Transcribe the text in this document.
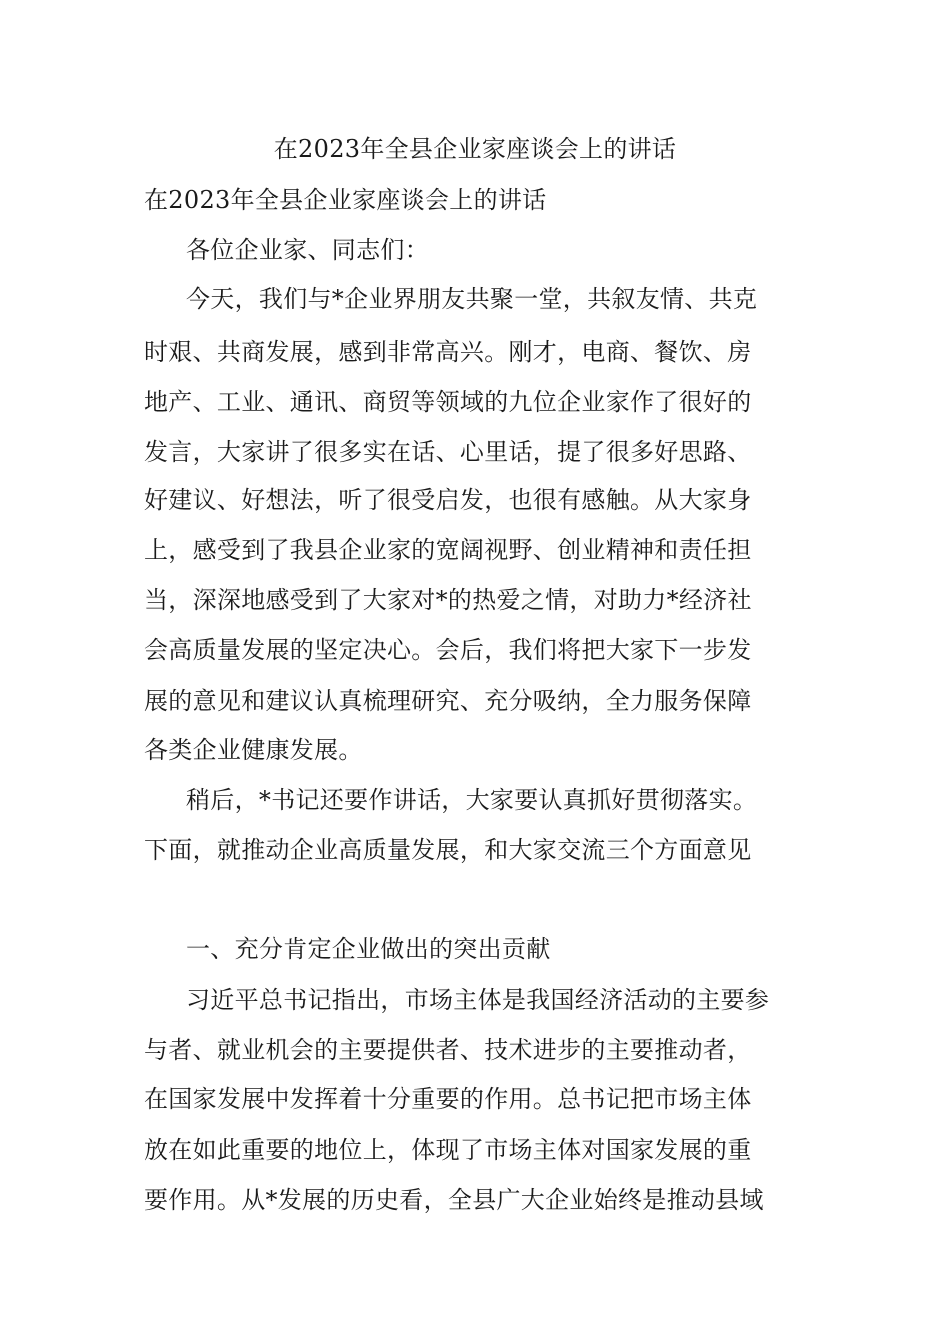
在2023年全县企业家座谈会上的讲话
在2023年全县企业家座谈会上的讲话
各位企业家、同志们：
今天，我们与*企业界朋友共聚一堂，共叙友情、共克
时艰、共商发展，感到非常高兴。刚才，电商、餐饮、房
地产、工业、通讯、商贸等领域的九位企业家作了很好的
发言，大家讲了很多实在话、心里话，提了很多好思路、
好建议、好想法，听了很受启发，也很有感触。从大家身
上，感受到了我县企业家的宽阔视野、创业精神和责任担
当，深深地感受到了大家对*的热爱之情，对助力*经济社
会高质量发展的坚定决心。会后，我们将把大家下一步发
展的意见和建议认真梳理研究、充分吸纳，全力服务保障
各类企业健康发展。
稍后，*书记还要作讲话，大家要认真抓好贯彻落实。
下面，就推动企业高质量发展，和大家交流三个方面意见
一、充分肯定企业做出的突出贡献
习近平总书记指出，市场主体是我国经济活动的主要参
与者、就业机会的主要提供者、技术进步的主要推动者，
在国家发展中发挥着十分重要的作用。总书记把市场主体
放在如此重要的地位上，体现了市场主体对国家发展的重
要作用。从*发展的历史看，全县广大企业始终是推动县域
